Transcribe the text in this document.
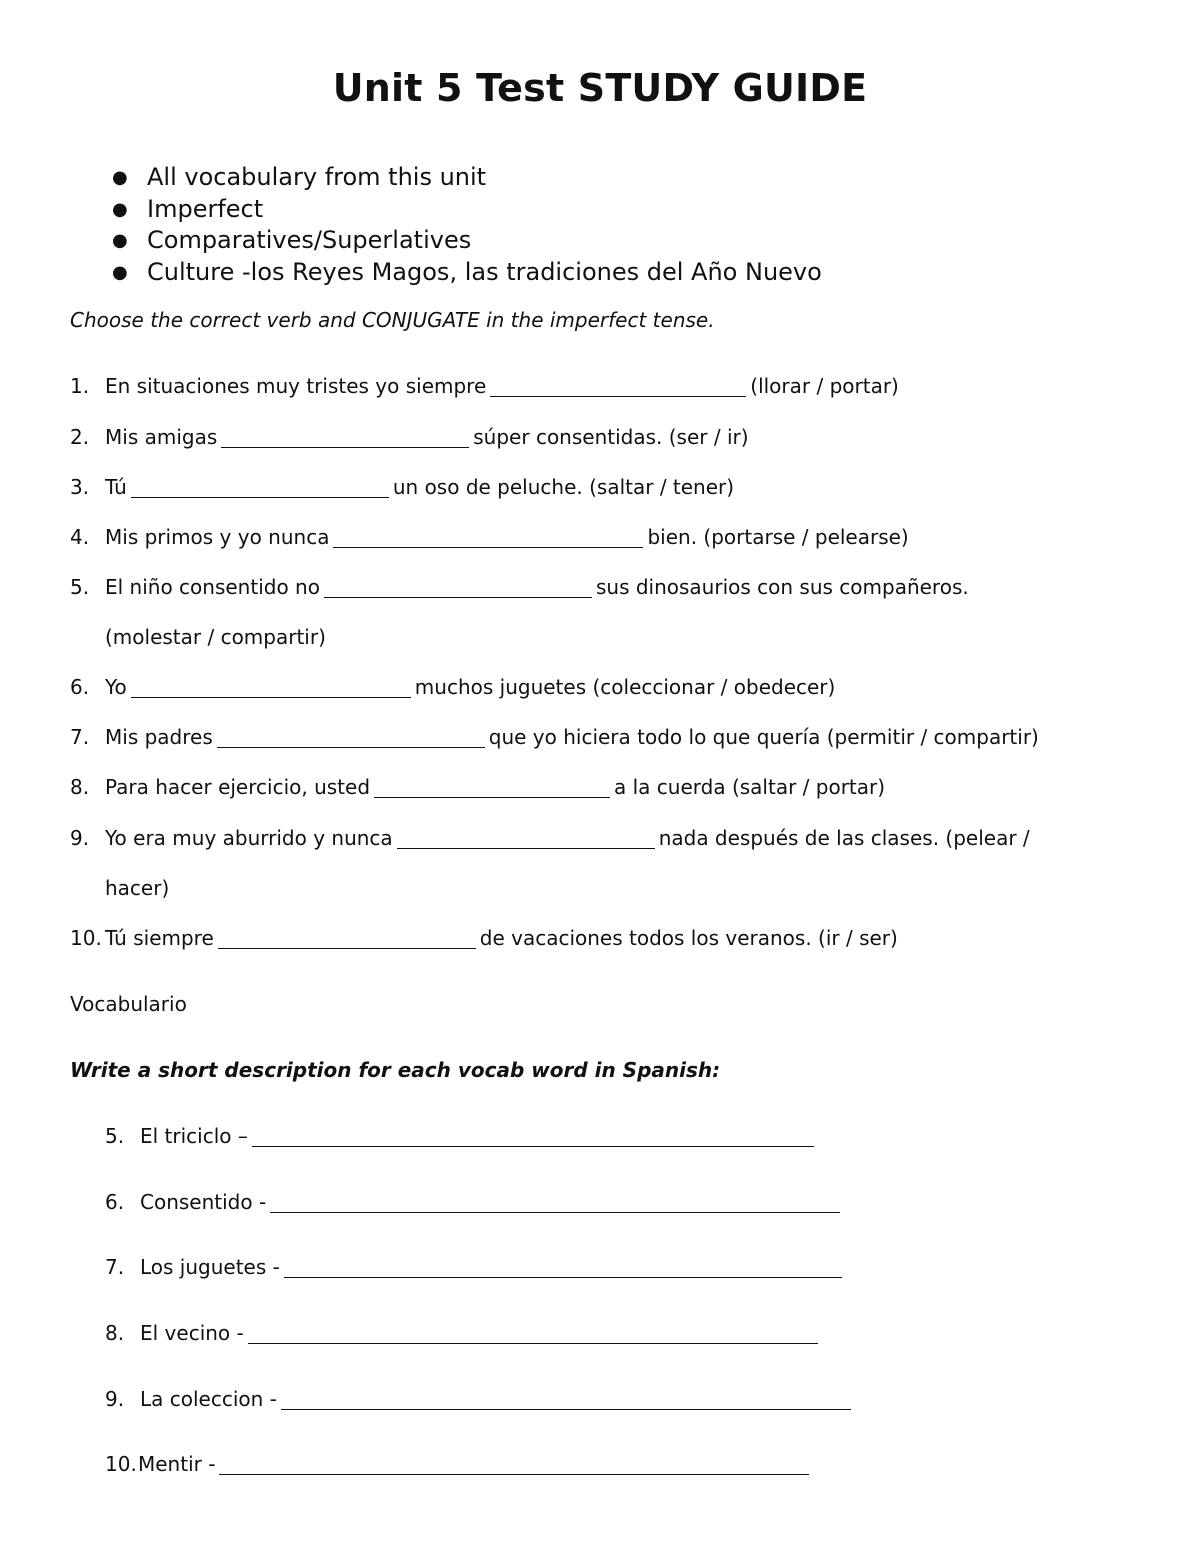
Unit 5 Test STUDY GUIDE
● All vocabulary from this unit
● Imperfect
● Comparatives/Superlatives
● Culture -los Reyes Magos, las tradiciones del Año Nuevo
Choose the correct verb and CONJUGATE in the imperfect tense.
1. En situaciones muy tristes yo siempre	(llorar / portar)
2. Mis amigas	súper consentidas. (ser / ir)
3. Tú	un oso de peluche. (saltar / tener)
4. Mis primos y yo nunca	bien. (portarse / pelearse)
5. El niño consentido no	sus dinosaurios con sus compañeros.
(molestar / compartir)
6. Yo	muchos juguetes (coleccionar / obedecer)
7. Mis padres	que yo hiciera todo lo que quería (permitir / compartir)
8. Para hacer ejercicio, usted	a la cuerda (saltar / portar)
9. Yo era muy aburrido y nunca	nada después de las clases. (pelear /
hacer)
10. Tú siempre	de vacaciones todos los veranos. (ir / ser)
Vocabulario
Write a short description for each vocab word in Spanish:
5. El triciclo –
6. Consentido -
7. Los juguetes -
8. El vecino -
9. La coleccion -
10. Mentir -
